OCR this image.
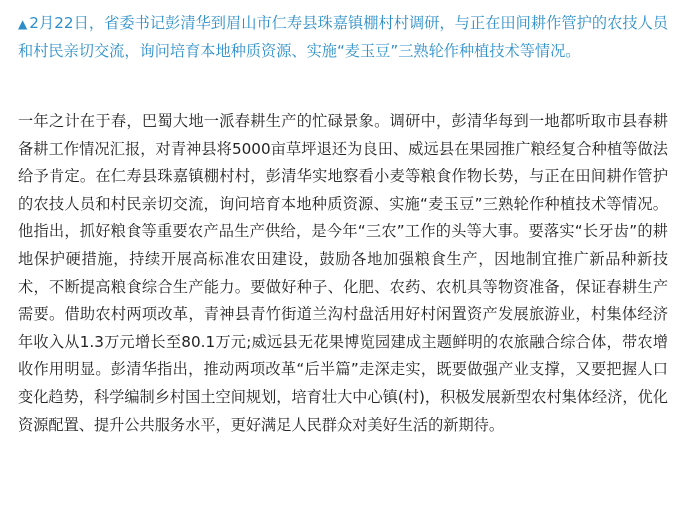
▲ 2月22日，省委书记彭清华到眉山市仁寿县珠嘉镇棚村村调研，与正在田间耕作管护的农技人员和村民亲切交流，询问培育本地种质资源、实施“麦玉豆”三熟轮作种植技术等情况。

一年之计在于春，巴蜀大地一派春耕生产的忙碌景象。调研中，彭清华每到一地都听取市县春耕备耕工作情况汇报，对青神县将5000亩草坪退还为良田、威远县在果园推广粮经复合种植等做法给予肯定。在仁寿县珠嘉镇棚村村，彭清华实地察看小麦等粮食作物长势，与正在田间耕作管护的农技人员和村民亲切交流，询问培育本地种质资源、实施“麦玉豆”三熟轮作种植技术等情况。他指出，抓好粮食等重要农产品生产供给，是今年“三农”工作的头等大事。要落实“长牙齿”的耕地保护硬措施，持续开展高标准农田建设，鼓励各地加强粮食生产，因地制宜推广新品种新技术，不断提高粮食综合生产能力。要做好种子、化肥、农药、农机具等物资准备，保证春耕生产需要。借助农村两项改革，青神县青竹街道兰沟村盘活用好村闲置资产发展旅游业，村集体经济年收入从1.3万元增长至80.1万元;威远县无花果博览园建成主题鲜明的农旅融合综合体，带农增收作用明显。彭清华指出，推动两项改革“后半篇”走深走实，既要做强产业支撑，又要把握人口变化趋势，科学编制乡村国土空间规划，培育壮大中心镇(村)，积极发展新型农村集体经济，优化资源配置、提升公共服务水平，更好满足人民群众对美好生活的新期待。
